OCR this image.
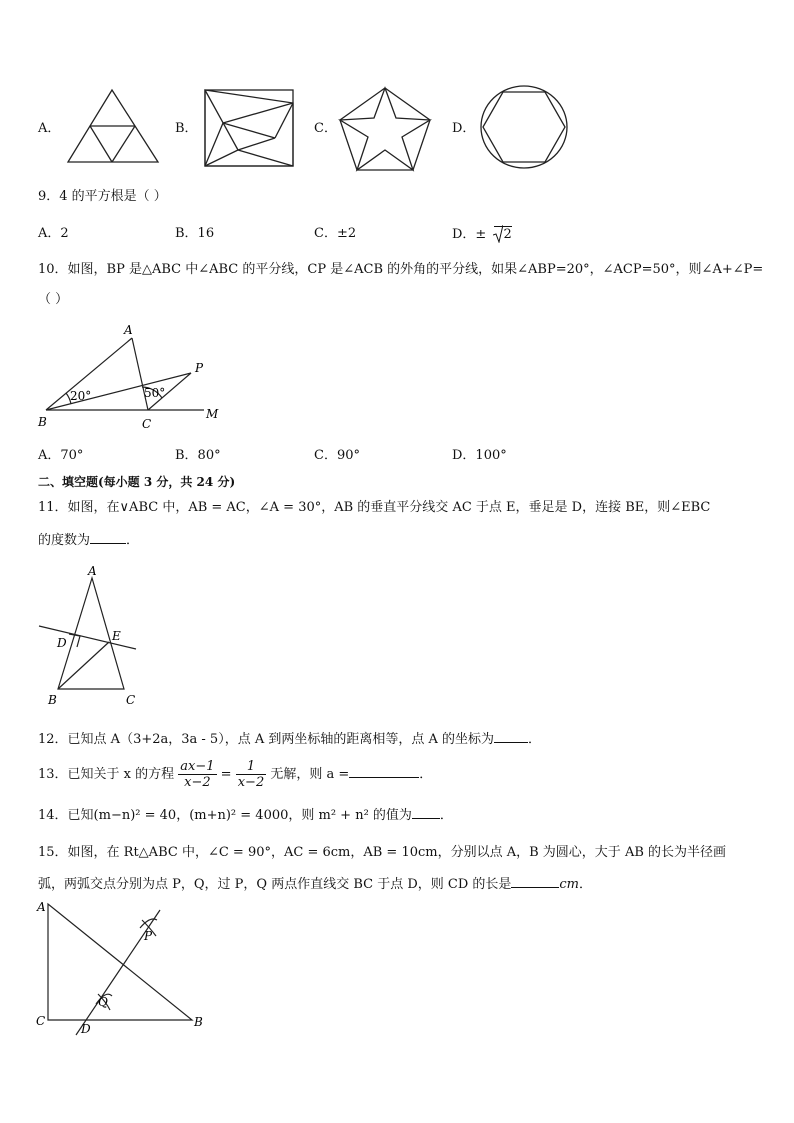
A．	B．	C．	D．
9．4 的平方根是（ ）
A．2	B．16	C．±2	D．± 2
10．如图，BP 是△ABC 中∠ABC 的平分线，CP 是∠ACB 的外角的平分线，如果∠ABP=20°，∠ACP=50°，则∠A+∠P=
（ ）
20°	50°
A
B	C
P
M
A．70°	B．80°	C．90°	D．100°
二、填空题(每小题 3 分，共 24 分)
11．如图，在∨ABC 中，AB = AC，∠A = 30°，AB 的垂直平分线交 AC 于点 E，垂足是 D，连接 BE，则∠EBC
的度数为	．
A
B	C
D	E
12．已知点 A（3+2a，3a - 5），点 A 到两坐标轴的距离相等，点 A 的坐标为	．
13．已知关于 x 的方程 $\frac{ax-1}{x-2} = \frac{1}{x-2}$ 无解，则 a =	．
14．已知(m−n)² = 40，(m+n)² = 4000，则 m² + n² 的值为 ．
15．如图，在 Rt△ABC 中，∠C = 90°，AC = 6cm，AB = 10cm，分别以点 A，B 为圆心，大于 AB 的长为半径画
弧，两弧交点分别为点 P，Q，过 P，Q 两点作直线交 BC 于点 D，则 CD 的长是	cm．
A
C	B
D
P
Q
